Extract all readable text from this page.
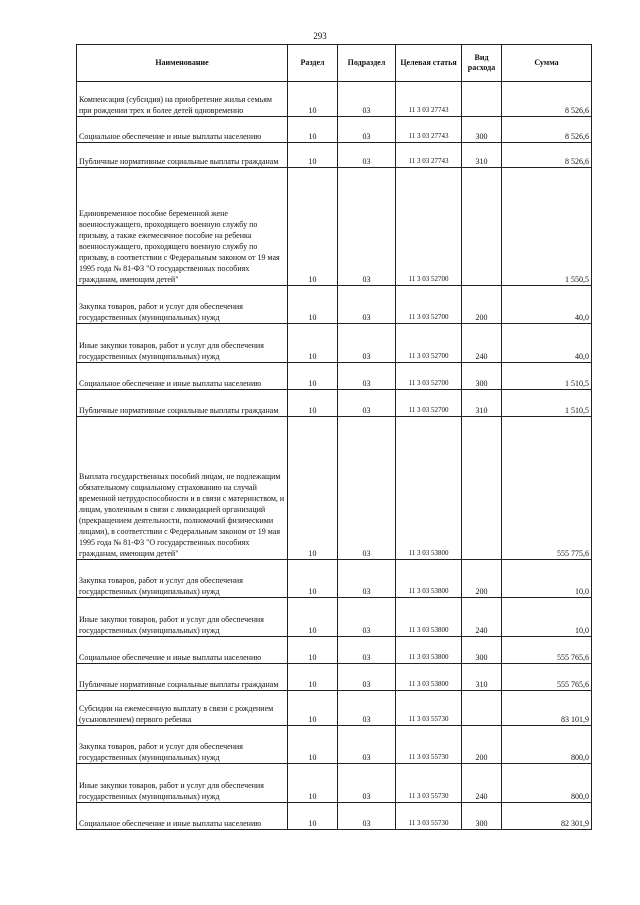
293
Наименование	Раздел	Подраздел	Целевая статья	Вид расхода	Сумма
Компенсация (субсидия) на приобретение жилья семьям при рождении трех и более детей одновременно	10	03	11 3 03 27743		8 526,6
Социальное обеспечение и иные выплаты населению	10	03	11 3 03 27743	300	8 526,6
Публичные нормативные социальные выплаты гражданам	10	03	11 3 03 27743	310	8 526,6
Единовременное пособие беременной жене военнослужащего, проходящего военную службу по призыву, а также ежемесячное пособие на ребенка военнослужащего, проходящего военную службу по призыву, в соответствии с Федеральным законом от 19 мая 1995 года № 81-ФЗ "О государственных пособиях гражданам, имеющим детей"	10	03	11 3 03 52700		1 550,5
Закупка товаров, работ и услуг для обеспечения государственных (муниципальных) нужд	10	03	11 3 03 52700	200	40,0
Иные закупки товаров, работ и услуг для обеспечения государственных (муниципальных) нужд	10	03	11 3 03 52700	240	40,0
Социальное обеспечение и иные выплаты населению	10	03	11 3 03 52700	300	1 510,5
Публичные нормативные социальные выплаты гражданам	10	03	11 3 03 52700	310	1 510,5
Выплата государственных пособий лицам, не подлежащим обязательному социальному страхованию на случай временной нетрудоспособности и в связи с материнством, и лицам, уволенным в связи с ликвидацией организаций (прекращением деятельности, полномочий физическими лицами), в соответствии с Федеральным законом от 19 мая 1995 года № 81-ФЗ "О государственных пособиях гражданам, имеющим детей"	10	03	11 3 03 53800		555 775,6
Закупка товаров, работ и услуг для обеспечения государственных (муниципальных) нужд	10	03	11 3 03 53800	200	10,0
Иные закупки товаров, работ и услуг для обеспечения государственных (муниципальных) нужд	10	03	11 3 03 53800	240	10,0
Социальное обеспечение и иные выплаты населению	10	03	11 3 03 53800	300	555 765,6
Публичные нормативные социальные выплаты гражданам	10	03	11 3 03 53800	310	555 765,6
Субсидии на ежемесячную выплату в связи с рождением (усыновлением) первого ребенка	10	03	11 3 03 55730		83 101,9
Закупка товаров, работ и услуг для обеспечения государственных (муниципальных) нужд	10	03	11 3 03 55730	200	800,0
Иные закупки товаров, работ и услуг для обеспечения государственных (муниципальных) нужд	10	03	11 3 03 55730	240	800,0
Социальное обеспечение и иные выплаты населению	10	03	11 3 03 55730	300	82 301,9
